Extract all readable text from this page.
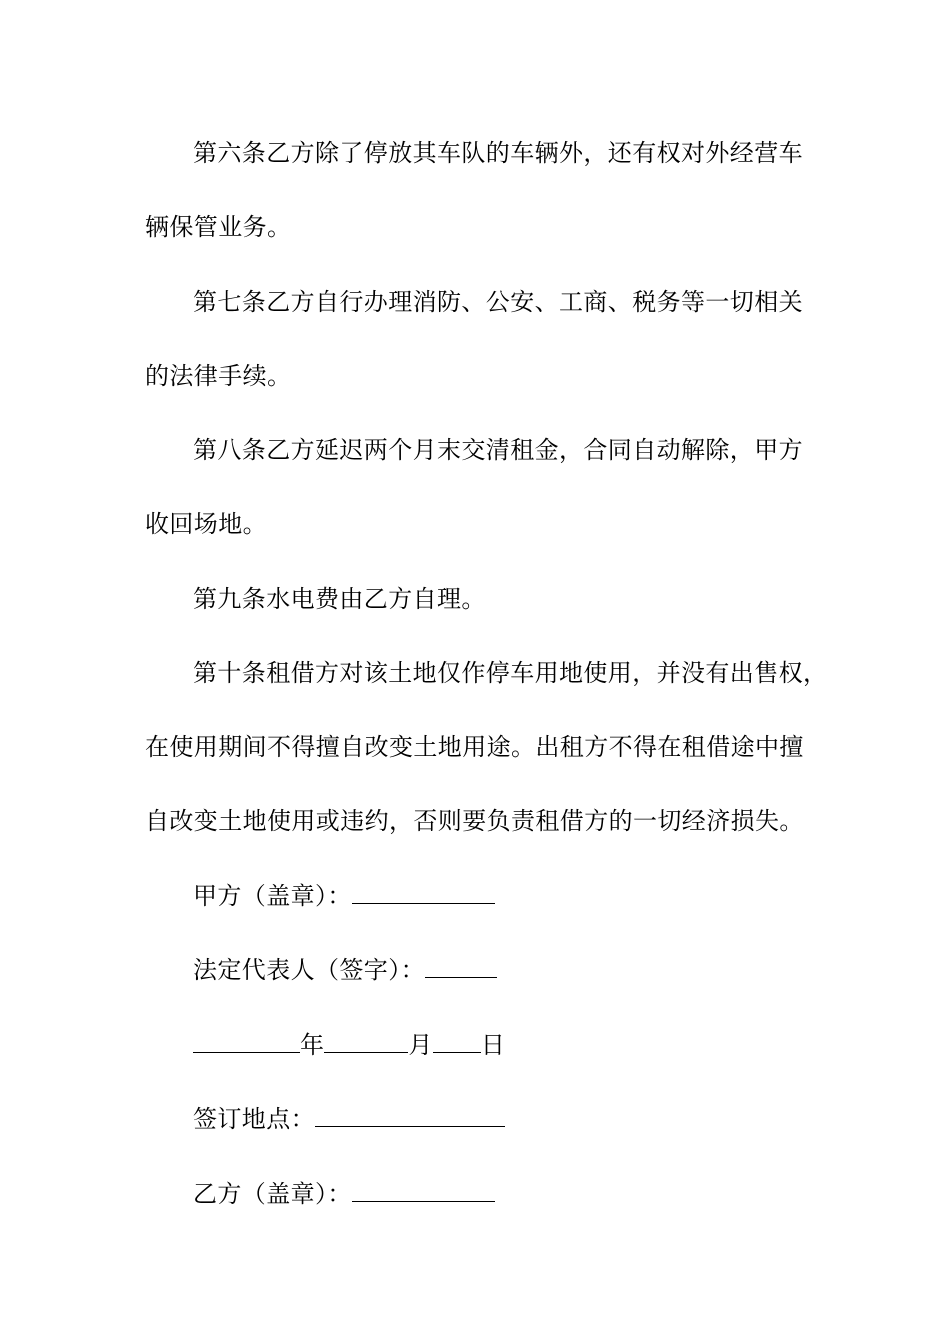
第六条乙方除了停放其车队的车辆外，还有权对外经营车
辆保管业务。
第七条乙方自行办理消防、公安、工商、税务等一切相关
的法律手续。
第八条乙方延迟两个月末交清租金，合同自动解除，甲方
收回场地。
第九条水电费由乙方自理。
第十条租借方对该土地仅作停车用地使用，并没有出售权，
在使用期间不得擅自改变土地用途。出租方不得在租借途中擅
自改变土地使用或违约，否则要负责租借方的一切经济损失。
甲方（盖章）：
法定代表人（签字）：
年	月 日
签订地点：
乙方（盖章）：
